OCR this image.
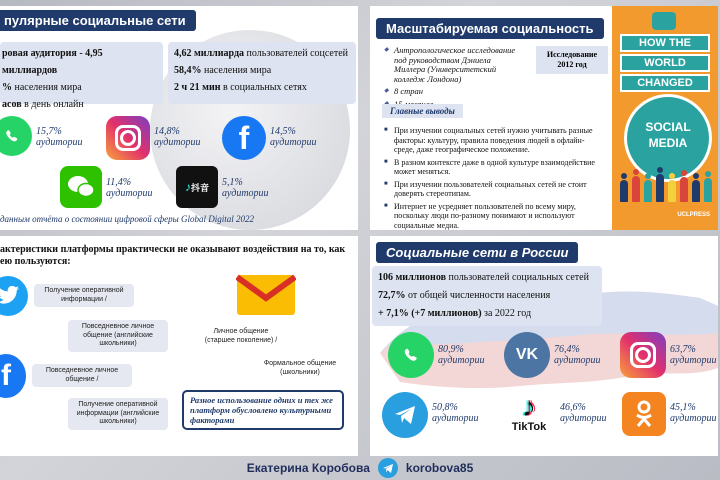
пулярные социальные сети
ровая аудитория - 4,95 миллиардов
% населения мира
асов в день онлайн
4,62 миллиарда пользователей соцсетей
58,4% населения мира
2 ч 21 мин в социальных сетях
15,7%
аудитории
14,8%
аудитории	f	14,5%
аудитории
11,4%
аудитории	♪ 抖音 5,1%
аудитории
данным отчёта о состоянии цифровой сферы Global Digital 2022
Масштабируемая социальность
◆ Антропологическое исследование под руководством Дэниела Миллера (Университетский колледж Лондона)
◆ 8 стран
◆
Исследование 2012 год
Главные выводы
■ При изучении социальных сетей нужно учитывать разные факторы: культуру, правила поведения людей в офлайн-среде, даже географическое положение.
■ В разном контексте даже в одной культуре взаимодействие может меняться.
■ При изучении пользователей социальных сетей не стоит доверять стереотипам.
■ Интернет не усредняет пользователей по всему миру, поскольку люди по-разному понимают и используют социальные медиа.
HOW THE
WORLD
CHANGED
SOCIAL
MEDIA
UCLPRESS
актеристики платформы практически не оказывают воздействия на то, как
ею пользуются:
Получение оперативной информации /
Повседневное личное общение (английские школьники)
f	Повседневное личное общение /
Получение оперативной информации (английские школьники)
Личное общение (старшее поколение) /
Формальное общение (школьники)
Разное использование одних и тех же платформ обусловлено культурными факторами
Социальные сети в России
106 миллионов пользователей социальных сетей
72,7% от общей численности населения
+ 7,1% (+7 миллионов) за 2022 год
80,9%
аудитории	VK	76,4%
аудитории
63,7%
аудитории
50,8%
аудитории ♪
TikTok
46,6%
аудитории
45,1%
аудитории
Екатерина Коробова	korobova85
